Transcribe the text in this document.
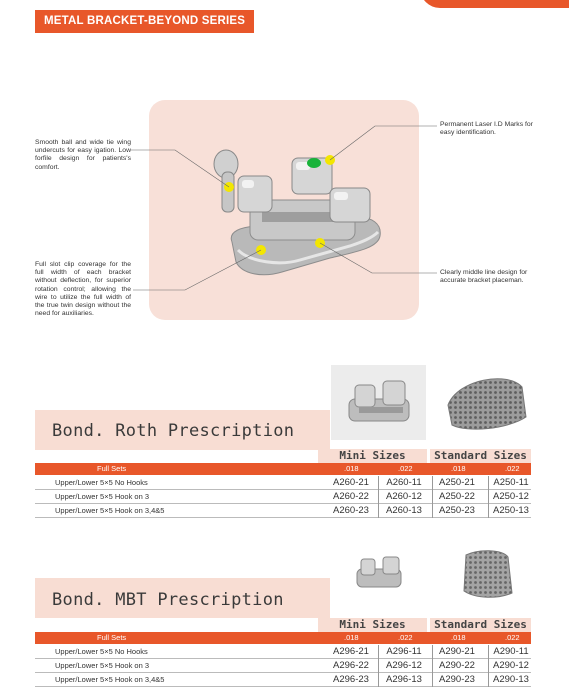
METAL BRACKET-BEYOND SERIES
Smooth ball and wide tie wing undercuts for easy igation. Low forfile design for patients's comfort.
Full slot clip coverage for the full width of each bracket without deflection, for superior rotation control; allowing the wire to utilize the full width of the true twin design without the need for auxiliaries.
Permanent Laser I.D Marks for easy identification.
Clearly middle line design for accurate bracket placeman.
Bond. Roth Prescription
Mini Sizes	Standard Sizes
Full Sets	.018	.022	.018	.022
Upper/Lower 5×5 No Hooks	A260-21	A260-11	A250-21	A250-11
Upper/Lower 5×5 Hook on 3	A260-22	A260-12	A250-22	A250-12
Upper/Lower 5×5 Hook on 3,4&5	A260-23	A260-13	A250-23	A250-13
Bond. MBT Prescription
Mini Sizes	Standard Sizes
Full Sets	.018	.022	.018	.022
Upper/Lower 5×5 No Hooks	A296-21	A296-11	A290-21	A290-11
Upper/Lower 5×5 Hook on 3	A296-22	A296-12	A290-22	A290-12
Upper/Lower 5×5 Hook on 3,4&5	A296-23	A296-13	A290-23	A290-13
